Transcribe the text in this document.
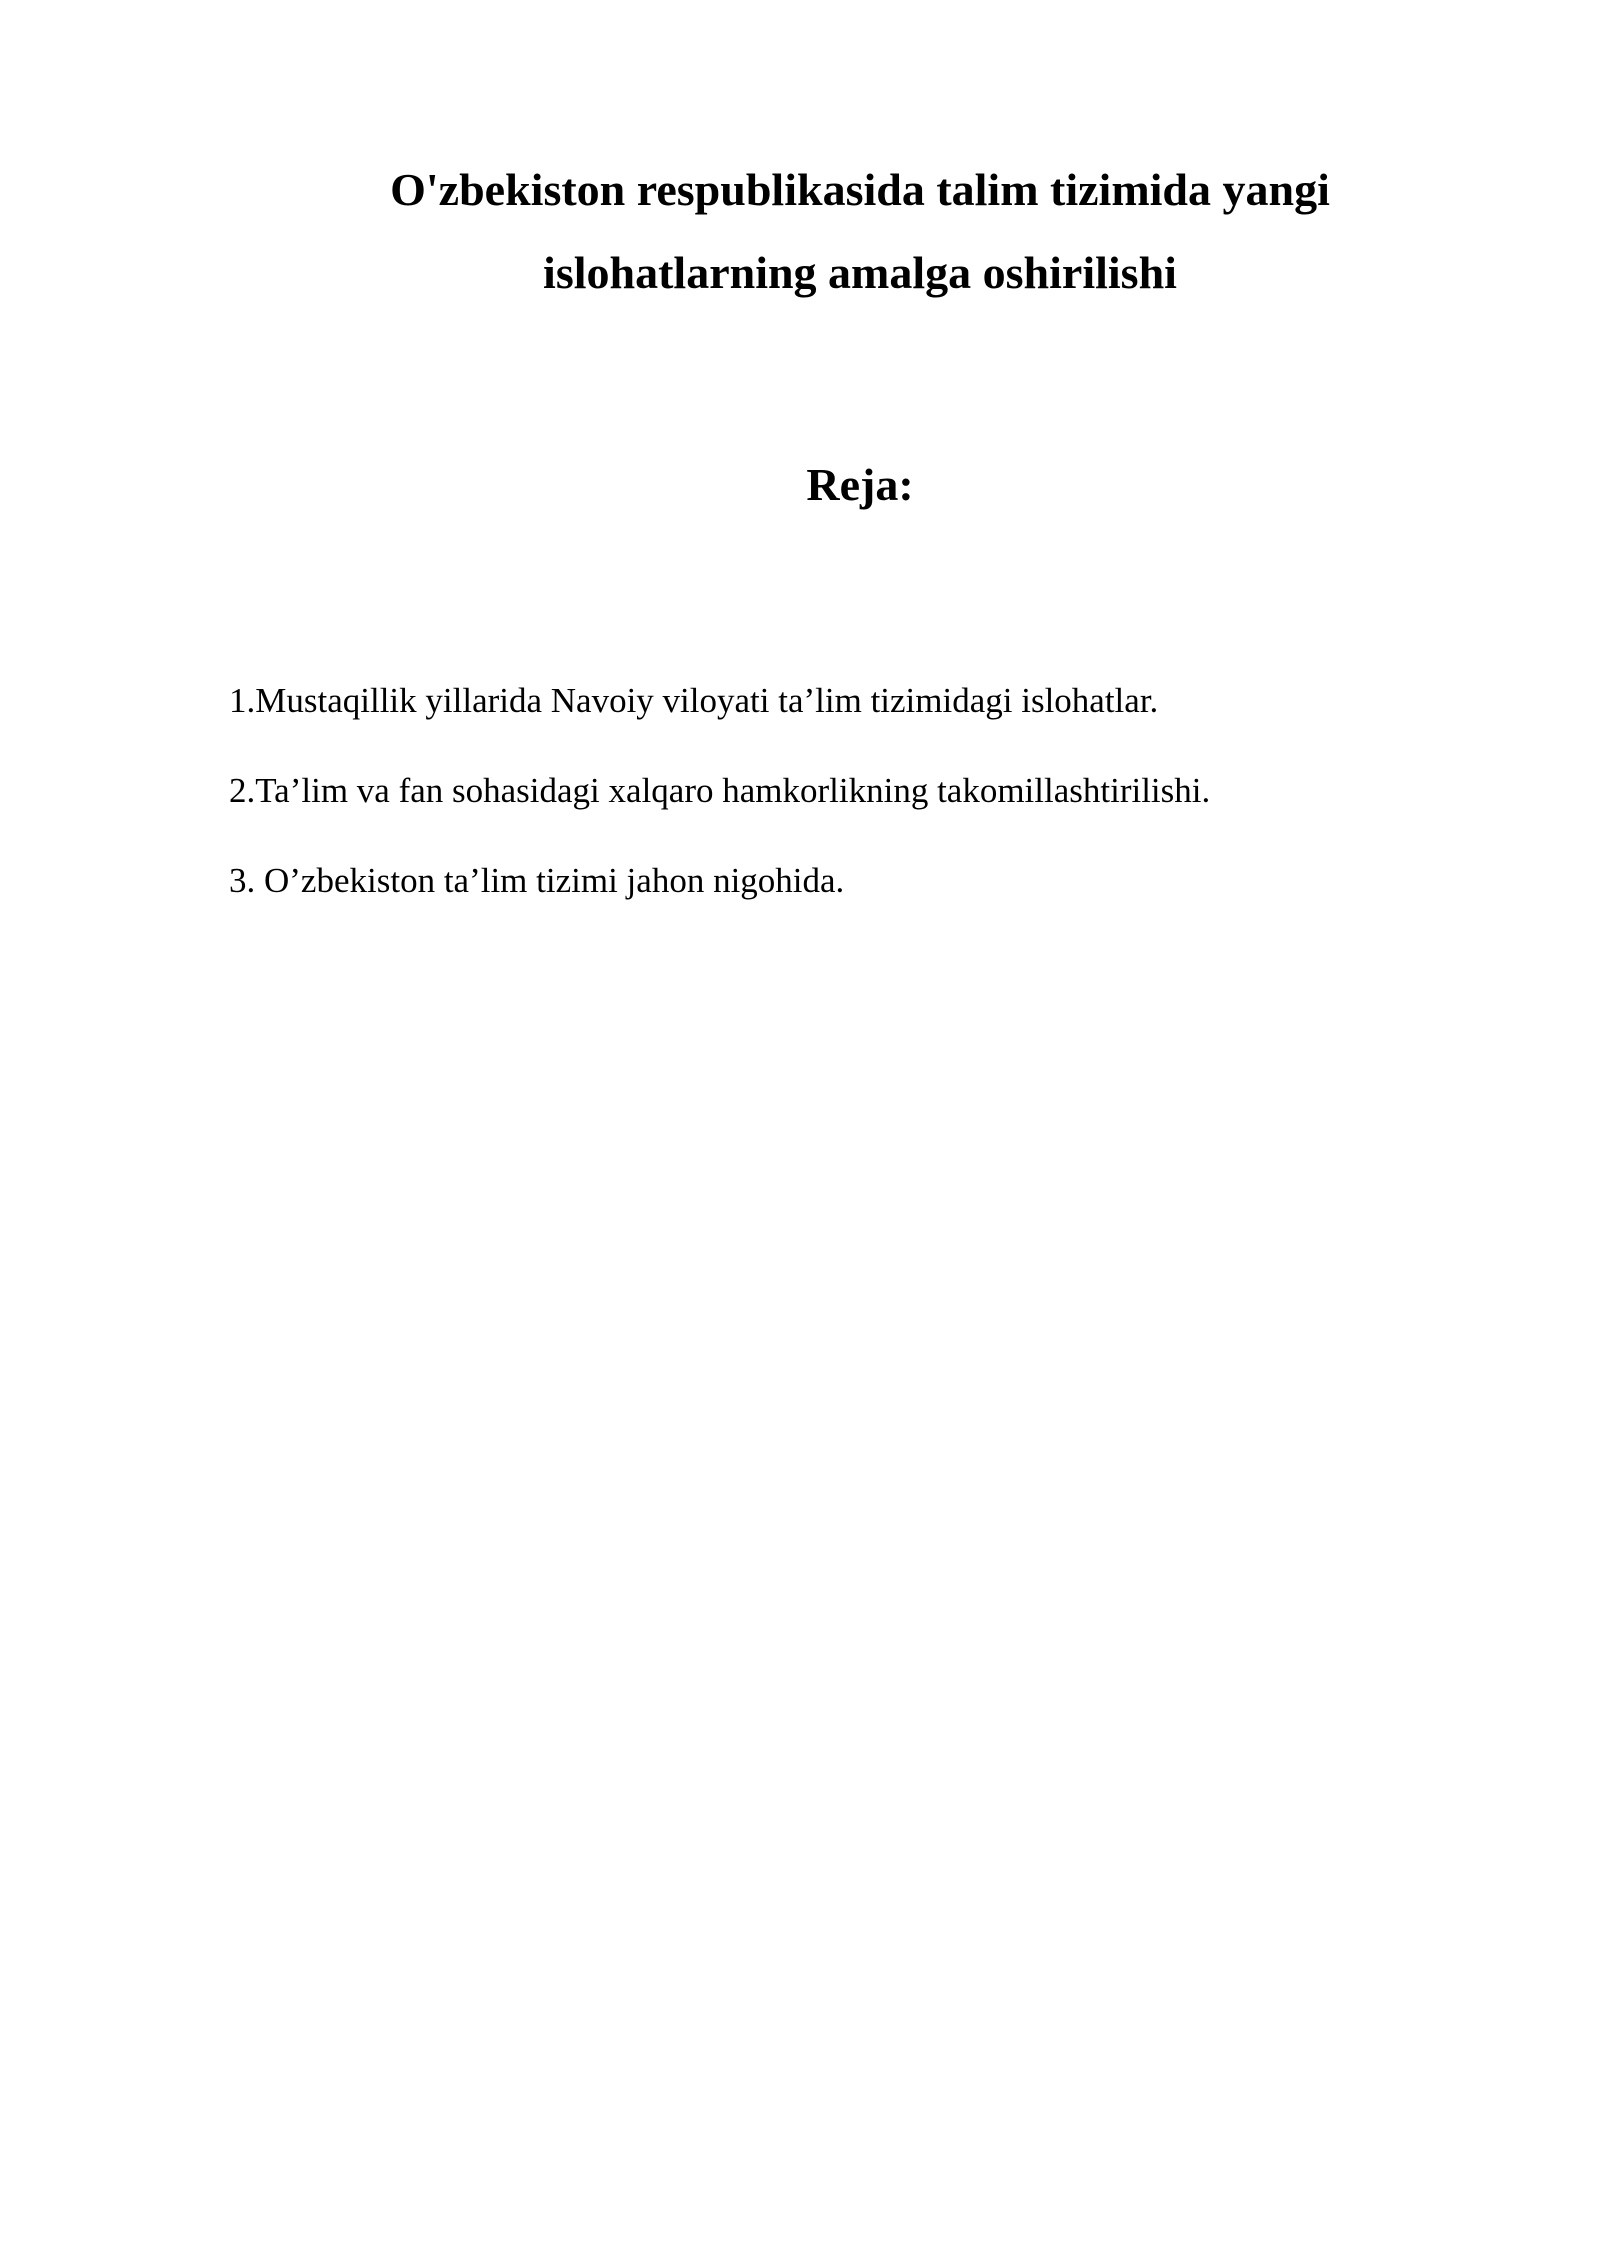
O'zbekiston respublikasida talim tizimida yangi
islohatlarning amalga oshirilishi
Reja:
1.Mustaqillik yillarida Navoiy viloyati ta’lim tizimidagi islohatlar.
2.Ta’lim va fan sohasidagi xalqaro hamkorlikning takomillashtirilishi.
3. O’zbekiston ta’lim tizimi jahon nigohida.
